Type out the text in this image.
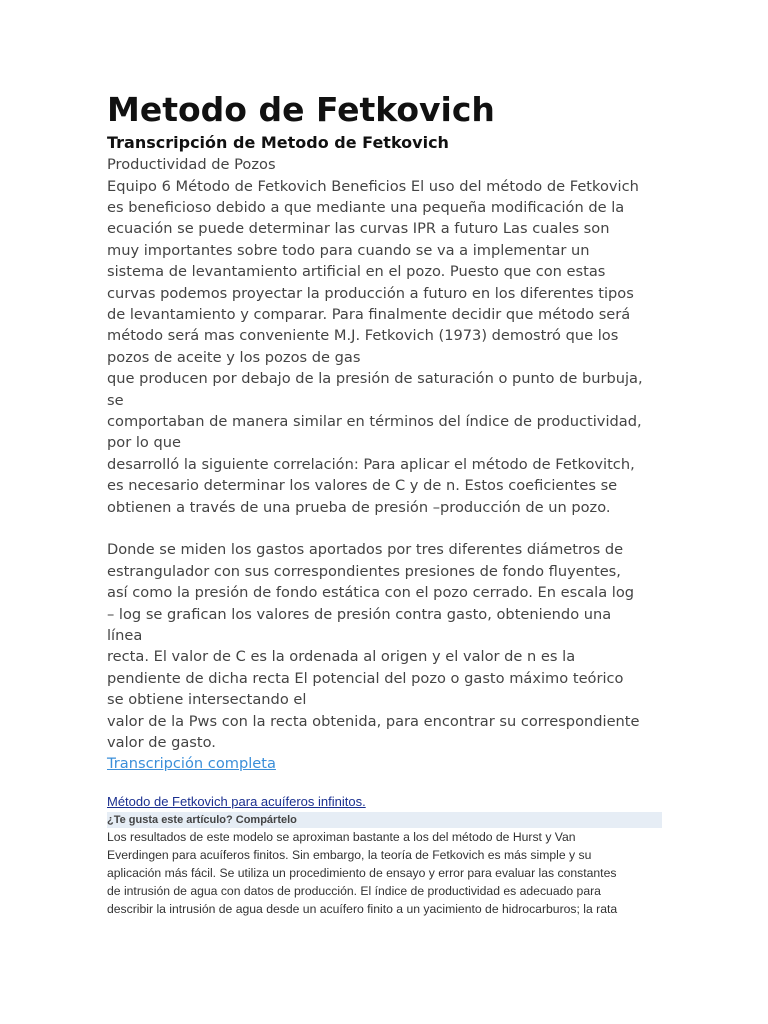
Metodo de Fetkovich
Transcripción de Metodo de Fetkovich
Productividad de Pozos
Equipo 6 Método de Fetkovich Beneficios El uso del método de Fetkovich
es beneficioso debido a que mediante una pequeña modificación de la
ecuación se puede determinar las curvas IPR a futuro Las cuales son
muy importantes sobre todo para cuando se va a implementar un
sistema de levantamiento artificial en el pozo. Puesto que con estas
curvas podemos proyectar la producción a futuro en los diferentes tipos
de levantamiento y comparar. Para finalmente decidir que método será
método será mas conveniente M.J. Fetkovich (1973) demostró que los
pozos de aceite y los pozos de gas
que producen por debajo de la presión de saturación o punto de burbuja,
se
comportaban de manera similar en términos del índice de productividad,
por lo que
desarrolló la siguiente correlación: Para aplicar el método de Fetkovitch,
es necesario determinar los valores de C y de n. Estos coeficientes se
obtienen a través de una prueba de presión –producción de un pozo.
Donde se miden los gastos aportados por tres diferentes diámetros de
estrangulador con sus correspondientes presiones de fondo fluyentes,
así como la presión de fondo estática con el pozo cerrado. En escala log
– log se grafican los valores de presión contra gasto, obteniendo una
línea
recta. El valor de C es la ordenada al origen y el valor de n es la
pendiente de dicha recta El potencial del pozo o gasto máximo teórico
se obtiene intersectando el
valor de la Pws con la recta obtenida, para encontrar su correspondiente
valor de gasto.
Transcripción completa
Método de Fetkovich para acuíferos infinitos.
¿Te gusta este artículo? Compártelo
Los resultados de este modelo se aproximan bastante a los del método de Hurst y Van
Everdingen para acuíferos finitos. Sin embargo, la teoría de Fetkovich es más simple y su
aplicación más fácil. Se utiliza un procedimiento de ensayo y error para evaluar las constantes
de intrusión de agua con datos de producción. El índice de productividad es adecuado para
describir la intrusión de agua desde un acuífero finito a un yacimiento de hidrocarburos; la rata
